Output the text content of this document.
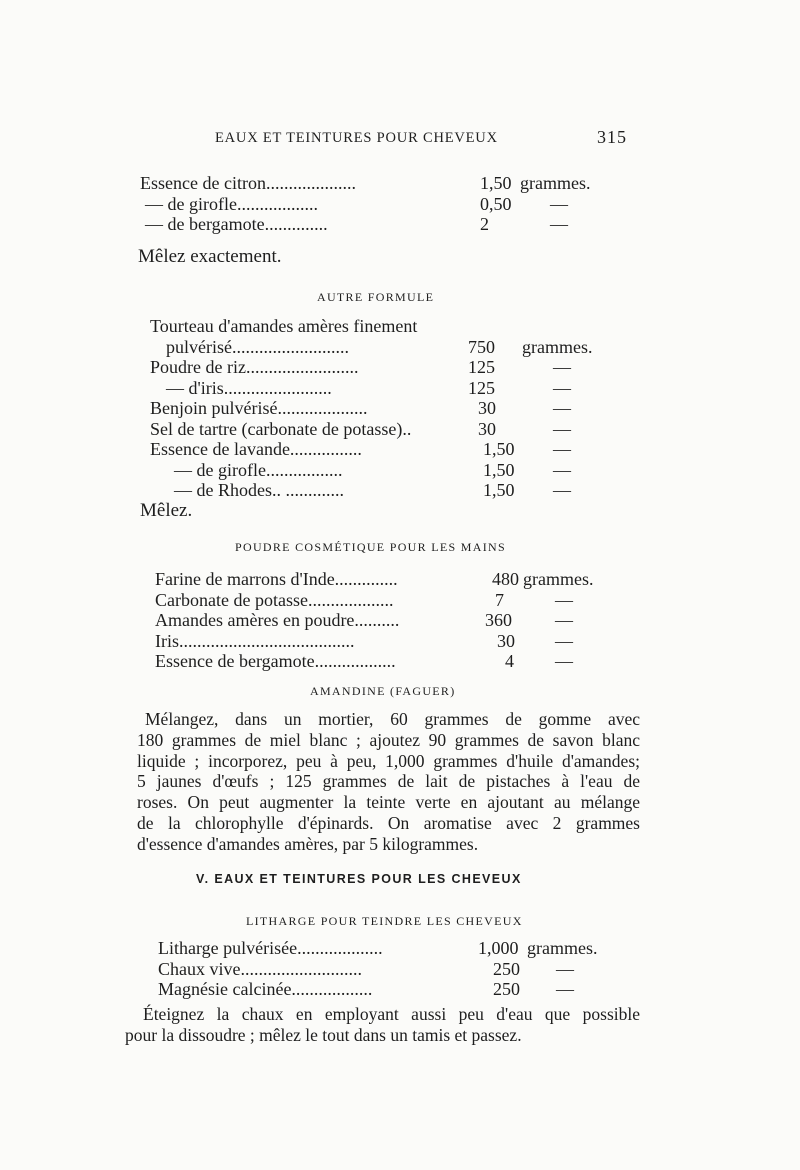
EAUX ET TEINTURES POUR CHEVEUX	315
Essence de citron....................	1,50 grammes.
— de girofle..................	0,50 —
— de bergamote..............	2	—
Mêlez exactement.
AUTRE FORMULE
Tourteau d'amandes amères finement
pulvérisé..........................	750 grammes.
Poudre de riz.........................	125	—
— d'iris........................	125	—
Benjoin pulvérisé....................	30	—
Sel de tartre (carbonate de potasse)..	30	—
Essence de lavande................	1,50 —
— de girofle.................	1,50 —
— de Rhodes.. .............	1,50 —
Mêlez.
POUDRE COSMÉTIQUE POUR LES MAINS
Farine de marrons d'Inde..............	480 grammes.
Carbonate de potasse...................	7	—
Amandes amères en poudre..........	360 —
Iris.......................................	30 —
Essence de bergamote..................	4 —
AMANDINE (FAGUER)
Mélangez, dans un mortier, 60 grammes de gomme avec
180 grammes de miel blanc ; ajoutez 90 grammes de savon blanc
liquide ; incorporez, peu à peu, 1,000 grammes d'huile d'amandes;
5 jaunes d'œufs ; 125 grammes de lait de pistaches à l'eau de
roses. On peut augmenter la teinte verte en ajoutant au mélange
de la chlorophylle d'épinards. On aromatise avec 2 grammes
d'essence d'amandes amères, par 5 kilogrammes.
V. EAUX ET TEINTURES POUR LES CHEVEUX
LITHARGE POUR TEINDRE LES CHEVEUX
Litharge pulvérisée...................	1,000 grammes.
Chaux vive...........................	250 —
Magnésie calcinée..................	250 —
Éteignez la chaux en employant aussi peu d'eau que possible
pour la dissoudre ; mêlez le tout dans un tamis et passez.
